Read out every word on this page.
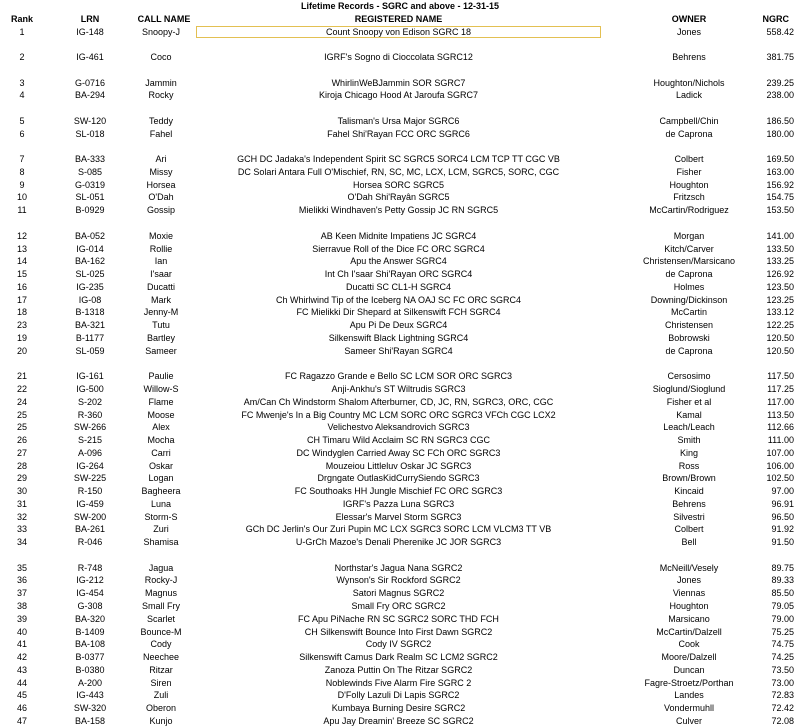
Lifetime Records - SGRC and above - 12-31-15
Rank	LRN	CALL NAME	REGISTERED NAME	OWNER	NGRC
1	IG-148	Snoopy-J	Count Snoopy von Edison SGRC 18	Jones	558.42
2	IG-461	Coco	IGRF's Sogno di Cioccolata SGRC12	Behrens	381.75
3	G-0716	Jammin	WhirlinWeBJammin SOR SGRC7	Houghton/Nichols	239.25
4	BA-294	Rocky	Kiroja Chicago Hood At Jaroufa SGRC7	Ladick	238.00
5	SW-120	Teddy	Talisman's Ursa Major SGRC6	Campbell/Chin	186.50
6	SL-018	Fahel	Fahel Shi'Rayan FCC ORC SGRC6	de Caprona	180.00
7	BA-333	Ari	GCH DC Jadaka's Independent Spirit SC SGRC5 SORC4 LCM TCP TT CGC VB	Colbert	169.50
8	S-085	Missy	DC Solari Antara Full O'Mischief, RN, SC, MC, LCX, LCM, SGRC5, SORC, CGC	Fisher	163.00
9	G-0319	Horsea	Horsea SORC SGRC5	Houghton	156.92
10	SL-051	O'Dah	O'Dah Shi'Rayân SGRC5	Fritzsch	154.75
11	B-0929	Gossip	Mielikki Windhaven's Petty Gossip JC RN SGRC5	McCartin/Rodriguez	153.50
12	BA-052	Moxie	AB Keen Midnite Impatiens JC SGRC4	Morgan	141.00
13	IG-014	Rollie	Sierravue Roll of the Dice FC ORC SGRC4	Kitch/Carver	133.50
14	BA-162	Ian	Apu the Answer SGRC4	Christensen/Marsicano	133.25
15	SL-025	I'saar	Int Ch I'saar Shi'Rayan ORC SGRC4	de Caprona	126.92
16	IG-235	Ducatti	Ducatti SC CL1-H SGRC4	Holmes	123.50
17	IG-08	Mark	Ch Whirlwind Tip of the Iceberg NA OAJ SC FC ORC SGRC4	Downing/Dickinson	123.25
18	B-1318	Jenny-M	FC Mielikki Dir Shepard at Silkenswift FCH SGRC4	McCartin	133.12
23	BA-321	Tutu	Apu Pi De Deux SGRC4	Christensen	122.25
19	B-1177	Bartley	Silkenswift Black Lightning SGRC4	Bobrowski	120.50
20	SL-059	Sameer	Sameer Shi'Rayan SGRC4	de Caprona	120.50
21	IG-161	Paulie	FC Ragazzo Grande e Bello SC LCM SOR ORC SGRC3	Cersosimo	117.50
22	IG-500	Willow-S	Anji-Ankhu's ST Wiltrudis SGRC3	Sioglund/Sioglund	117.25
24	S-202	Flame	Am/Can Ch Windstorm Shalom Afterburner, CD, JC, RN, SGRC3, ORC, CGC	Fisher et al	117.00
25	R-360	Moose	FC Mwenje's In a Big Country MC LCM SORC ORC SGRC3 VFCh CGC LCX2	Kamal	113.50
25	SW-266	Alex	Velichestvo Aleksandrovich SGRC3	Leach/Leach	112.66
26	S-215	Mocha	CH Timaru Wild Acclaim SC RN SGRC3 CGC	Smith	111.00
27	A-096	Carri	DC Windyglen Carried Away SC FCh ORC SGRC3	King	107.00
28	IG-264	Oskar	Mouzeiou Littleluv Oskar JC SGRC3	Ross	106.00
29	SW-225	Logan	Drgngate OutlasKidCurrySiendo SGRC3	Brown/Brown	102.50
30	R-150	Bagheera	FC Southoaks HH Jungle Mischief FC ORC SGRC3	Kincaid	97.00
31	IG-459	Luna	IGRF's Pazza Luna SGRC3	Behrens	96.91
32	SW-200	Storm-S	Elessar's Marvel Storm SGRC3	Silvestri	96.50
33	BA-261	Zuri	GCh DC Jerlin's Our Zuri Pupin MC LCX SGRC3 SORC LCM VLCM3 TT VB	Colbert	91.92
34	R-046	Shamisa	U-GrCh Mazoe's Denali Pherenike JC JOR SGRC3	Bell	91.50
35	R-748	Jagua	Northstar's Jagua Nana SGRC2	McNeill/Vesely	89.75
36	IG-212	Rocky-J	Wynson's Sir Rockford SGRC2	Jones	89.33
37	IG-454	Magnus	Satori Magnus SGRC2	Viennas	85.50
38	G-308	Small Fry	Small Fry ORC SGRC2	Houghton	79.05
39	BA-320	Scarlet	FC Apu PiNache RN SC SGRC2 SORC THD FCH	Marsicano	79.00
40	B-1409	Bounce-M	CH Silkenswift Bounce Into First Dawn SGRC2	McCartin/Dalzell	75.25
41	BA-108	Cody	Cody IV SGRC2	Cook	74.75
42	B-0377	Neechee	Silkenswift Camus Dark Realm SC LCM2 SGRC2	Moore/Dalzell	74.25
43	B-0380	Ritzar	Zanoza Puttin On The Ritzar SGRC2	Duncan	73.50
44	A-200	Siren	Noblewinds Five Alarm Fire SGRC 2	Fagre-Stroetz/Porthan	73.00
45	IG-443	Zuli	D'Folly Lazuli Di Lapis SGRC2	Landes	72.83
46	SW-320	Oberon	Kumbaya Burning Desire SGRC2	Vondermuhll	72.42
47	BA-158	Kunjo	Apu Jay Dreamin' Breeze SC SGRC2	Culver	72.08
